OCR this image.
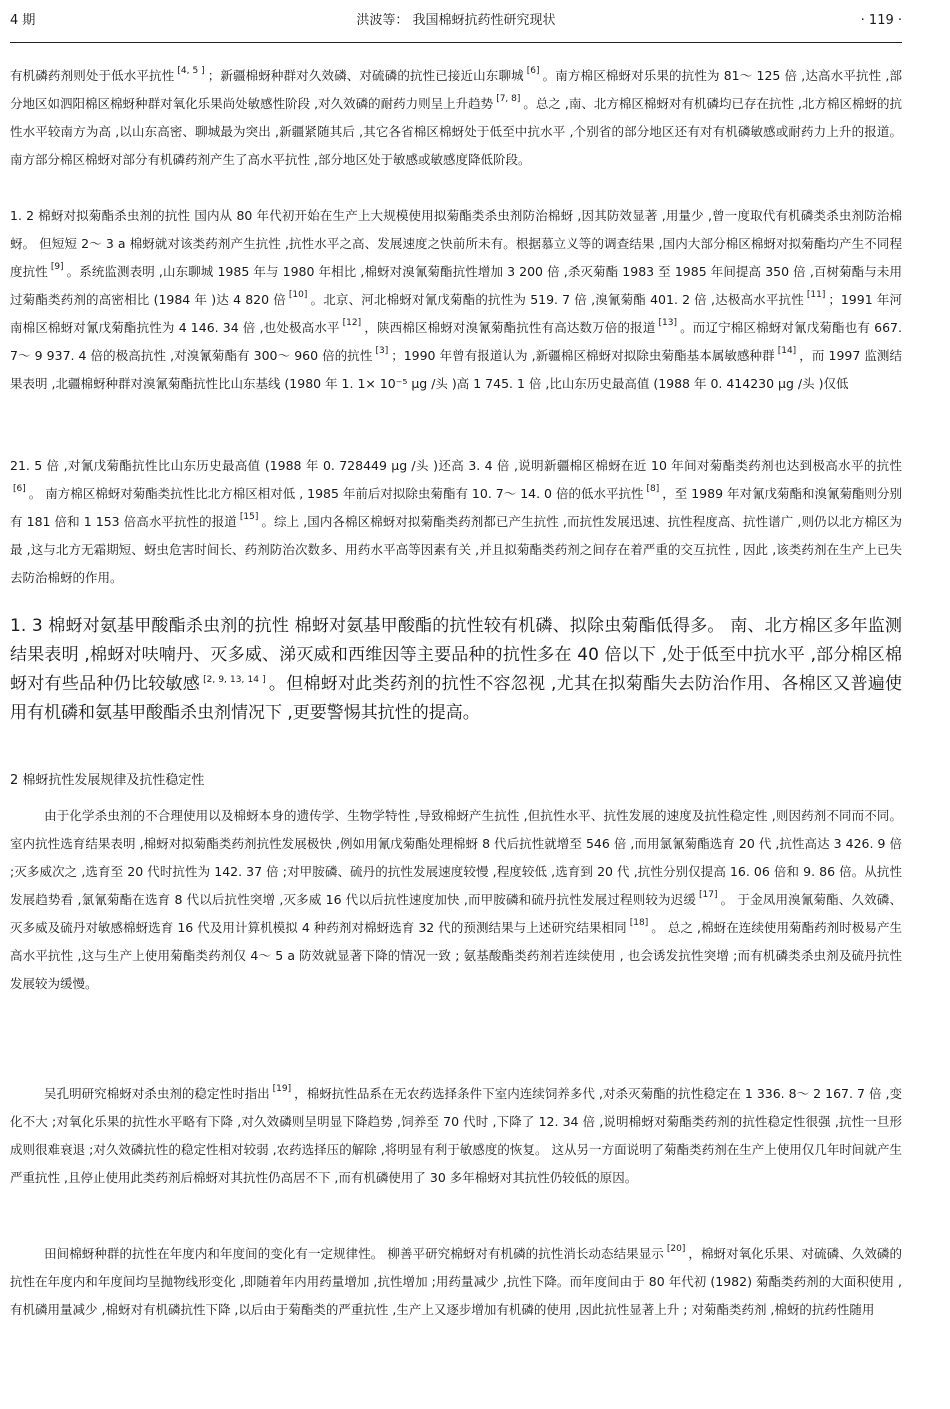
4 期	洪波等： 我国棉蚜抗药性研究现状	· 119 ·

有机磷药剂则处于低水平抗性 [4, 5 ] ；新疆棉蚜种群对久效磷、对硫磷的抗性已接近山东聊城 [6] 。南方棉区棉蚜对乐果的抗性为 81～ 125 倍 ,达高水平抗性 ,部分地区如泗阳棉区棉蚜种群对氧化乐果尚处敏感性阶段 ,对久效磷的耐药力则呈上升趋势 [7, 8] 。总之 ,南、北方棉区棉蚜对有机磷均已存在抗性 ,北方棉区棉蚜的抗性水平较南方为高 ,以山东高密、聊城最为突出 ,新疆紧随其后 ,其它各省棉区棉蚜处于低至中抗水平 ,个别省的部分地区还有对有机磷敏感或耐药力上升的报道。南方部分棉区棉蚜对部分有机磷药剂产生了高水平抗性 ,部分地区处于敏感或敏感度降低阶段。

1. 2 棉蚜对拟菊酯杀虫剂的抗性 国内从 80 年代初开始在生产上大规模使用拟菊酯类杀虫剂防治棉蚜 ,因其防效显著 ,用量少 ,曾一度取代有机磷类杀虫剂防治棉蚜。 但短短 2～ 3 a 棉蚜就对该类药剂产生抗性 ,抗性水平之高、发展速度之快前所未有。根据慕立义等的调查结果 ,国内大部分棉区棉蚜对拟菊酯均产生不同程度抗性 [9] 。系统监测表明 ,山东聊城 1985 年与 1980 年相比 ,棉蚜对溴氰菊酯抗性增加 3 200 倍 ,杀灭菊酯 1983 至 1985 年间提高 350 倍 ,百树菊酯与未用过菊酯类药剂的高密相比 (1984 年 )达 4 820 倍 [10] 。北京、河北棉蚜对氰戊菊酯的抗性为 519. 7 倍 ,溴氰菊酯 401. 2 倍 ,达极高水平抗性 [11] ；1991 年河南棉区棉蚜对氰戊菊酯抗性为 4 146. 34 倍 ,也处极高水平 [12] ，陕西棉区棉蚜对溴氰菊酯抗性有高达数万倍的报道 [13] 。而辽宁棉区棉蚜对氰戊菊酯也有 667. 7～ 9 937. 4 倍的极高抗性 ,对溴氰菊酯有 300～ 960 倍的抗性 [3] ；1990 年曾有报道认为 ,新疆棉区棉蚜对拟除虫菊酯基本属敏感种群 [14] ，而 1997 监测结果表明 ,北疆棉蚜种群对溴氰菊酯抗性比山东基线 (1980 年 1. 1× 10⁻⁵ μg /头 )高 1 745. 1 倍 ,比山东历史最高值 (1988 年 0. 414230 μg /头 )仅低

21. 5 倍 ,对氰戊菊酯抗性比山东历史最高值 (1988 年 0. 728449 μg /头 )还高 3. 4 倍 ,说明新疆棉区棉蚜在近 10 年间对菊酯类药剂也达到极高水平的抗性[6] 。 南方棉区棉蚜对菊酯类抗性比北方棉区相对低 , 1985 年前后对拟除虫菊酯有 10. 7～ 14. 0 倍的低水平抗性 [8] ，至 1989 年对氰戊菊酯和溴氰菊酯则分别有 181 倍和 1 153 倍高水平抗性的报道 [15] 。综上 ,国内各棉区棉蚜对拟菊酯类药剂都已产生抗性 ,而抗性发展迅速、抗性程度高、抗性谱广 ,则仍以北方棉区为最 ,这与北方无霜期短、蚜虫危害时间长、药剂防治次数多、用药水平高等因素有关 ,并且拟菊酯类药剂之间存在着严重的交互抗性 , 因此 ,该类药剂在生产上已失去防治棉蚜的作用。

1. 3 棉蚜对氨基甲酸酯杀虫剂的抗性 棉蚜对氨基甲酸酯的抗性较有机磷、拟除虫菊酯低得多。 南、北方棉区多年监测结果表明 ,棉蚜对呋喃丹、灭多威、涕灭威和西维因等主要品种的抗性多在 40 倍以下 ,处于低至中抗水平 ,部分棉区棉蚜对有些品种仍比较敏感 [2, 9, 13, 14 ] 。但棉蚜对此类药剂的抗性不容忽视 ,尤其在拟菊酯失去防治作用、各棉区又普遍使用有机磷和氨基甲酸酯杀虫剂情况下 ,更要警惕其抗性的提高。

2 棉蚜抗性发展规律及抗性稳定性

由于化学杀虫剂的不合理使用以及棉蚜本身的遗传学、生物学特性 ,导致棉蚜产生抗性 ,但抗性水平、抗性发展的速度及抗性稳定性 ,则因药剂不同而不同。室内抗性选育结果表明 ,棉蚜对拟菊酯类药剂抗性发展极快 ,例如用氰戊菊酯处理棉蚜 8 代后抗性就增至 546 倍 ,而用氯氰菊酯选育 20 代 ,抗性高达 3 426. 9 倍 ;灭多威次之 ,选育至 20 代时抗性为 142. 37 倍 ;对甲胺磷、硫丹的抗性发展速度较慢 ,程度较低 ,选育到 20 代 ,抗性分别仅提高 16. 06 倍和 9. 86 倍。从抗性发展趋势看 ,氯氰菊酯在选育 8 代以后抗性突增 ,灭多威 16 代以后抗性速度加快 ,而甲胺磷和硫丹抗性发展过程则较为迟缓 [17] 。 于金凤用溴氰菊酯、久效磷、灭多威及硫丹对敏感棉蚜选育 16 代及用计算机模拟 4 种药剂对棉蚜选育 32 代的预测结果与上述研究结果相同 [18] 。 总之 ,棉蚜在连续使用菊酯药剂时极易产生高水平抗性 ,这与生产上使用菊酯类药剂仅 4～ 5 a 防效就显著下降的情况一致 ; 氨基酸酯类药剂若连续使用 , 也会诱发抗性突增 ;而有机磷类杀虫剂及硫丹抗性发展较为缓慢。

吴孔明研究棉蚜对杀虫剂的稳定性时指出 [19] ，棉蚜抗性品系在无农药选择条件下室内连续饲养多代 ,对杀灭菊酯的抗性稳定在 1 336. 8～ 2 167. 7 倍 ,变化不大 ;对氧化乐果的抗性水平略有下降 ,对久效磷则呈明显下降趋势 ,饲养至 70 代时 ,下降了 12. 34 倍 ,说明棉蚜对菊酯类药剂的抗性稳定性很强 ,抗性一旦形成则很难衰退 ;对久效磷抗性的稳定性相对较弱 ,农药选择压的解除 ,将明显有利于敏感度的恢复。 这从另一方面说明了菊酯类药剂在生产上使用仅几年时间就产生严重抗性 ,且停止使用此类药剂后棉蚜对其抗性仍高居不下 ,而有机磷使用了 30 多年棉蚜对其抗性仍较低的原因。

田间棉蚜种群的抗性在年度内和年度间的变化有一定规律性。 柳善平研究棉蚜对有机磷的抗性消长动态结果显示 [20] ，棉蚜对氧化乐果、对硫磷、久效磷的抗性在年度内和年度间均呈抛物线形变化 ,即随着年内用药量增加 ,抗性增加 ;用药量减少 ,抗性下降。而年度间由于 80 年代初 (1982) 菊酯类药剂的大面积使用 ,有机磷用量减少 ,棉蚜对有机磷抗性下降 ,以后由于菊酯类的严重抗性 ,生产上又逐步增加有机磷的使用 ,因此抗性显著上升 ; 对菊酯类药剂 ,棉蚜的抗药性随用
